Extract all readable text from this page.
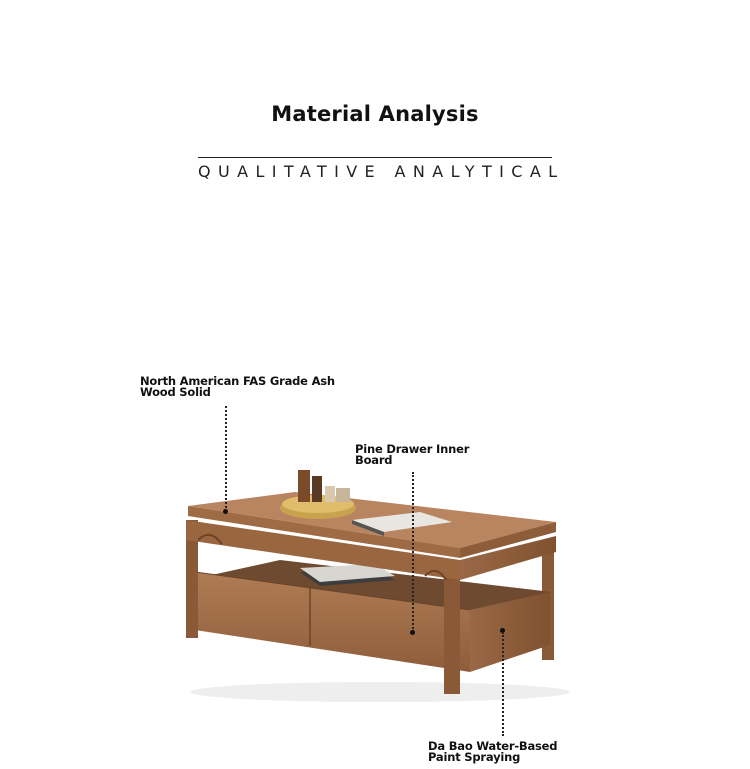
Material Analysis
QUALITATIVE ANALYTICAL
North American FAS Grade Ash
Wood Solid
Pine Drawer Inner
Board
Da Bao Water-Based
Paint Spraying
